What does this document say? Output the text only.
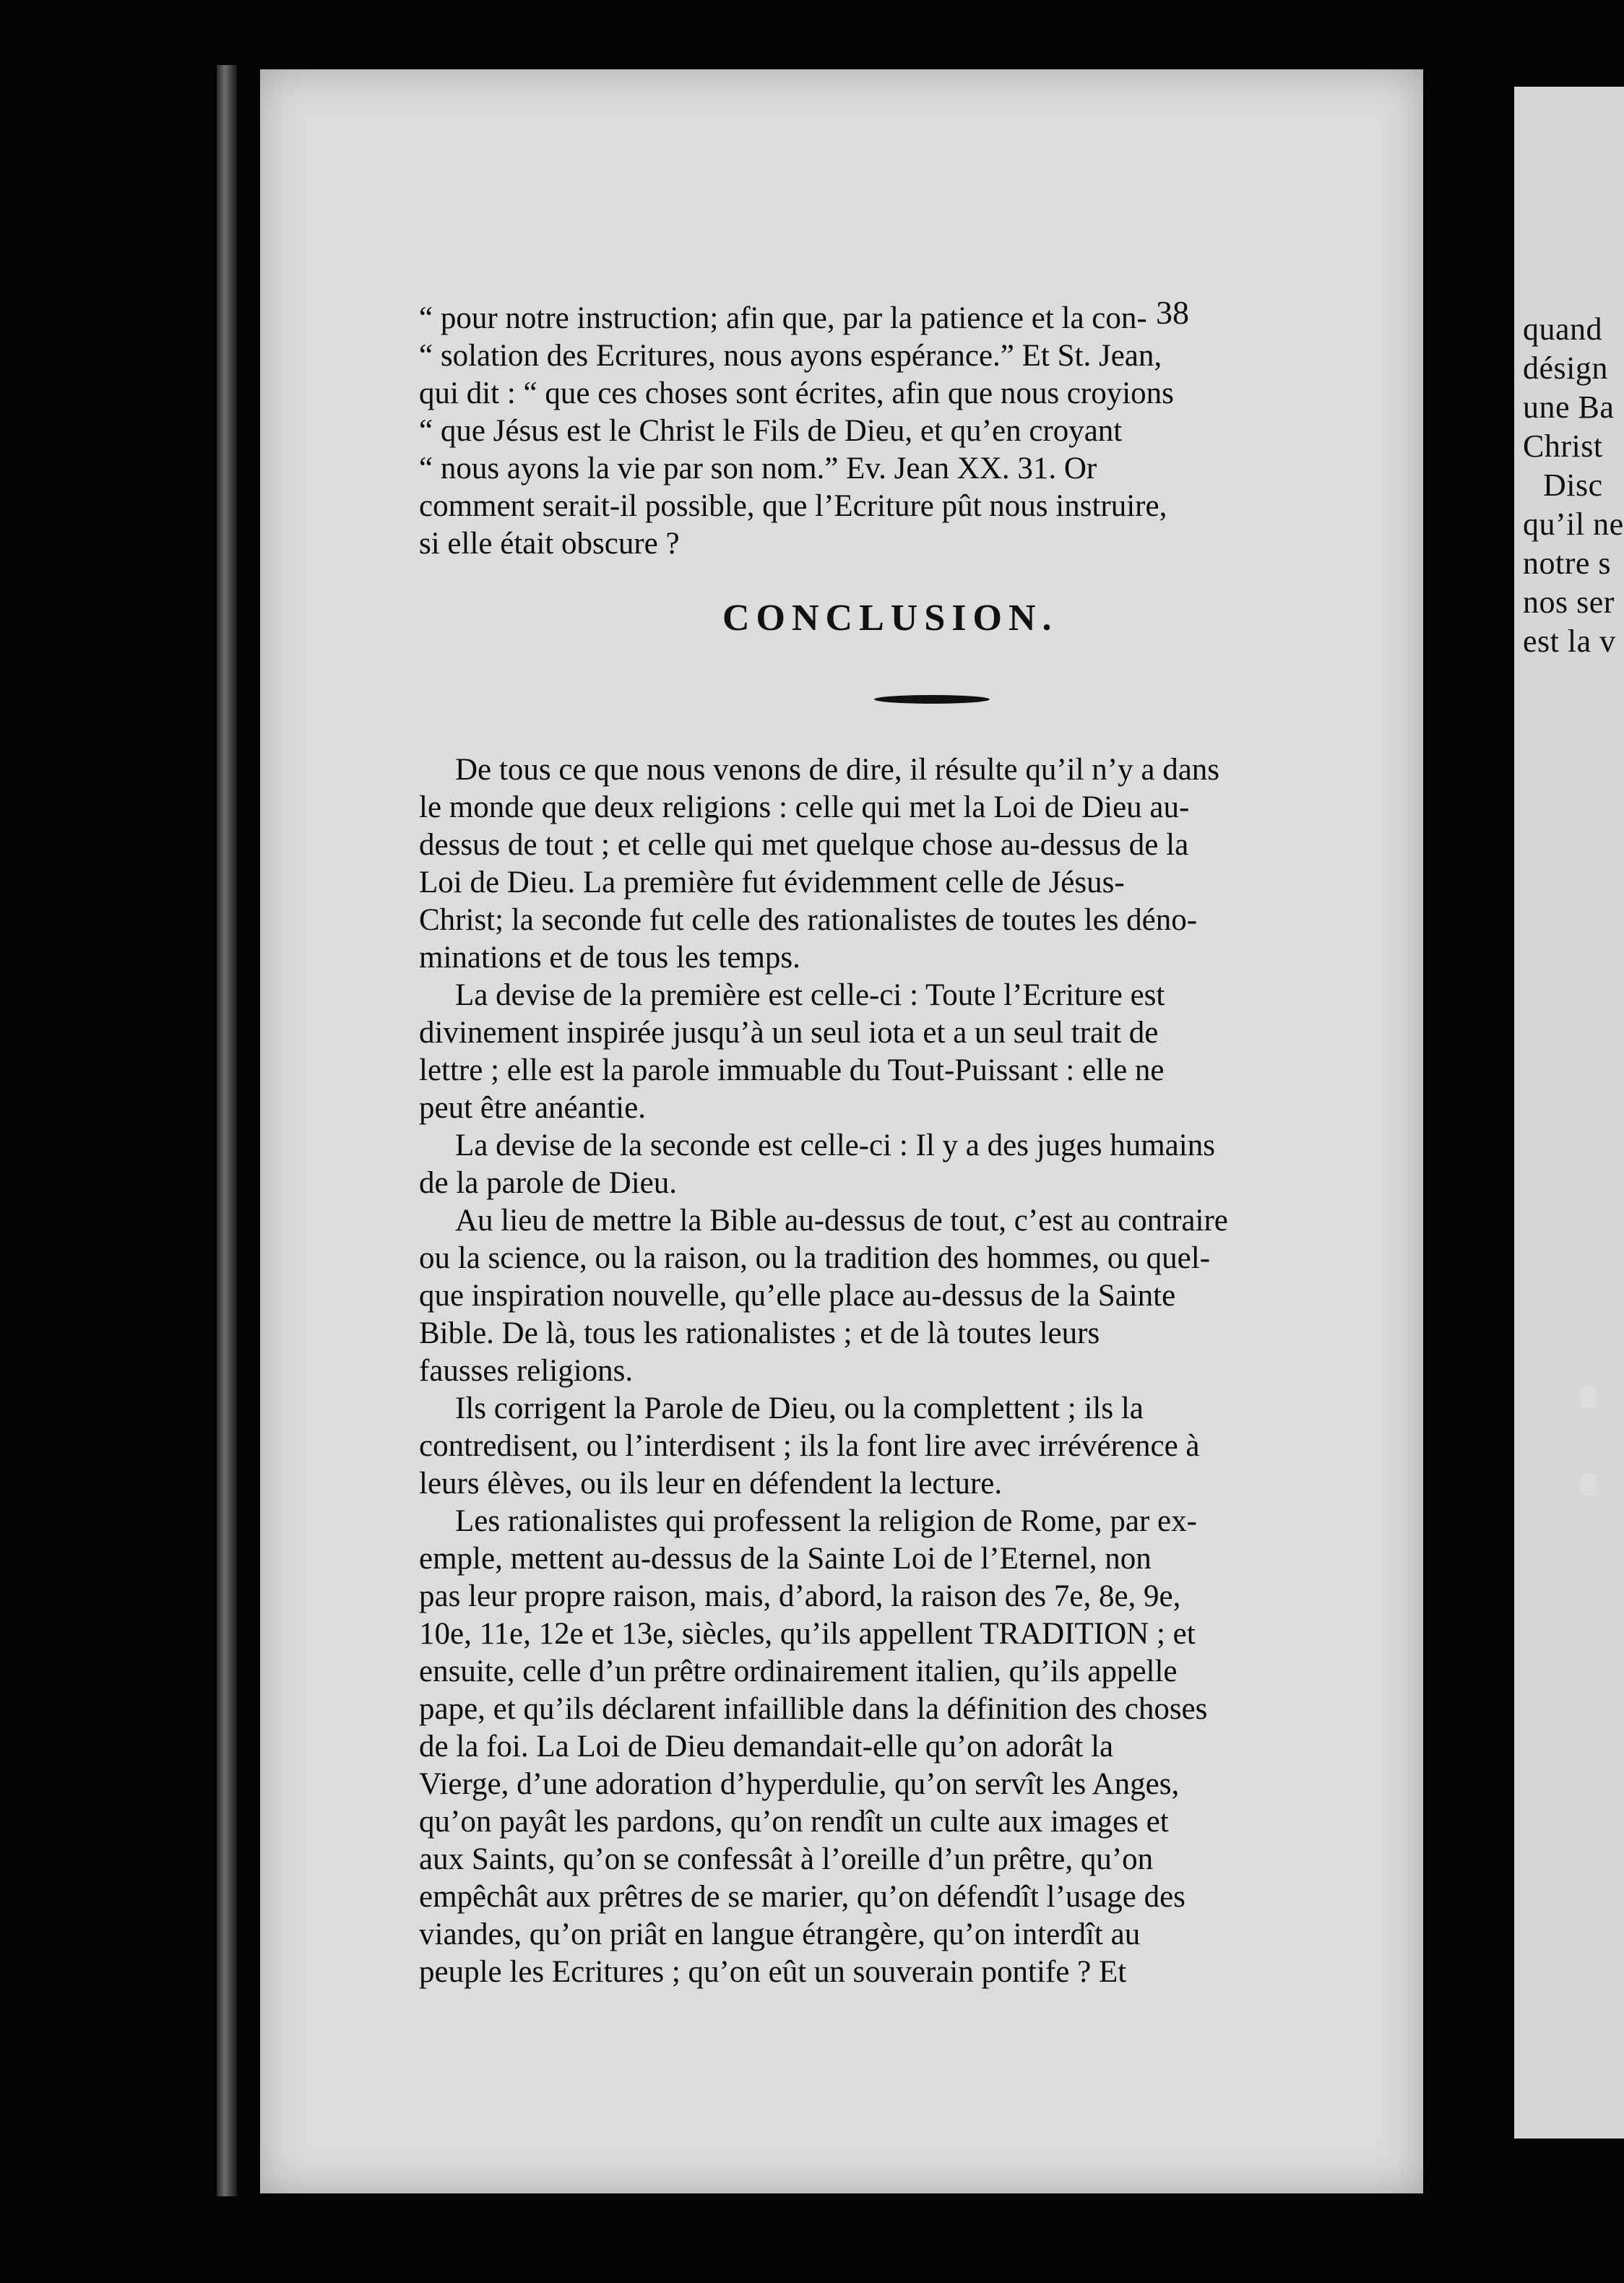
38
“ pour notre instruction; afin que, par la patience et la con-
“ solation des Ecritures, nous ayons espérance.” Et St. Jean,
qui dit : “ que ces choses sont écrites, afin que nous croyions
“ que Jésus est le Christ le Fils de Dieu, et qu’en croyant
“ nous ayons la vie par son nom.” Ev. Jean XX. 31. Or
comment serait-il possible, que l’Ecriture pût nous instruire,
si elle était obscure ?
CONCLUSION.
De tous ce que nous venons de dire, il résulte qu’il n’y a dans
le monde que deux religions : celle qui met la Loi de Dieu au-
dessus de tout ; et celle qui met quelque chose au-dessus de la
Loi de Dieu. La première fut évidemment celle de Jésus-
Christ; la seconde fut celle des rationalistes de toutes les déno-
minations et de tous les temps.
La devise de la première est celle-ci : Toute l’Ecriture est
divinement inspirée jusqu’à un seul iota et a un seul trait de
lettre ; elle est la parole immuable du Tout-Puissant : elle ne
peut être anéantie.
La devise de la seconde est celle-ci : Il y a des juges humains
de la parole de Dieu.
Au lieu de mettre la Bible au-dessus de tout, c’est au contraire
ou la science, ou la raison, ou la tradition des hommes, ou quel-
que inspiration nouvelle, qu’elle place au-dessus de la Sainte
Bible. De là, tous les rationalistes ; et de là toutes leurs
fausses religions.
Ils corrigent la Parole de Dieu, ou la complettent ; ils la
contredisent, ou l’interdisent ; ils la font lire avec irrévérence à
leurs élèves, ou ils leur en défendent la lecture.
Les rationalistes qui professent la religion de Rome, par ex-
emple, mettent au-dessus de la Sainte Loi de l’Eternel, non
pas leur propre raison, mais, d’abord, la raison des 7e, 8e, 9e,
10e, 11e, 12e et 13e, siècles, qu’ils appellent TRADITION ; et
ensuite, celle d’un prêtre ordinairement italien, qu’ils appelle
pape, et qu’ils déclarent infaillible dans la définition des choses
de la foi. La Loi de Dieu demandait-elle qu’on adorât la
Vierge, d’une adoration d’hyperdulie, qu’on servît les Anges,
qu’on payât les pardons, qu’on rendît un culte aux images et
aux Saints, qu’on se confessât à l’oreille d’un prêtre, qu’on
empêchât aux prêtres de se marier, qu’on défendît l’usage des
viandes, qu’on priât en langue étrangère, qu’on interdît au
peuple les Ecritures ; qu’on eût un souverain pontife ? Et
quand
désign
une Ba
Christ
Disc
qu’il ne
notre s
nos ser
est la v
